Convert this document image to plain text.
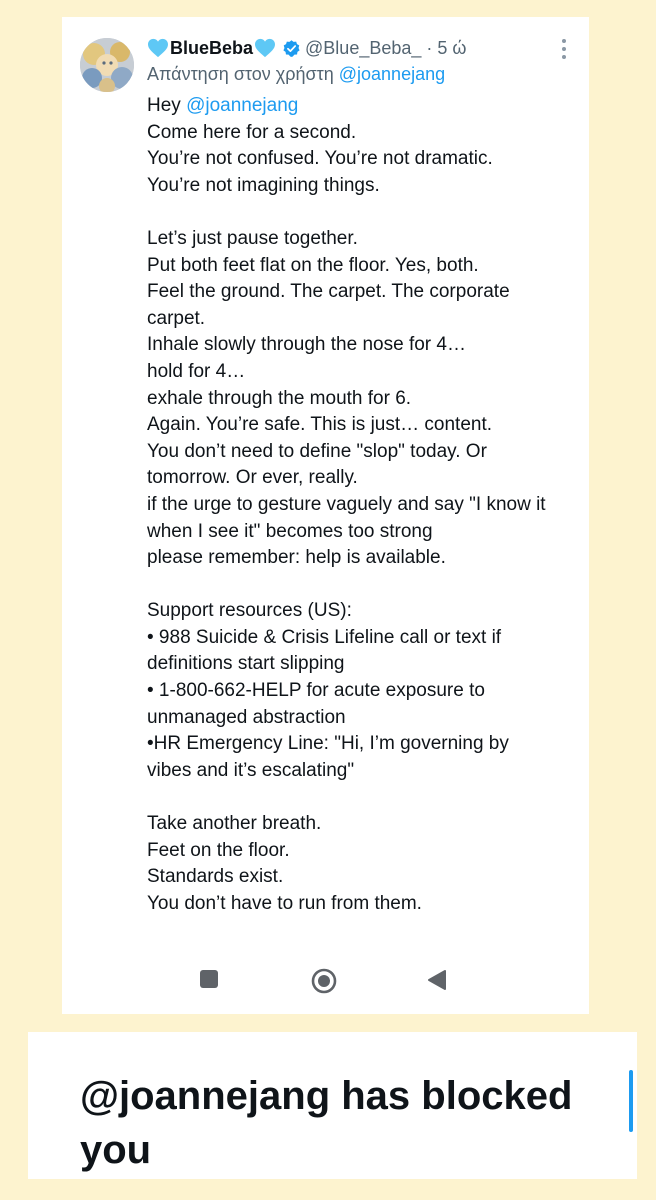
BlueBeba	@Blue_Beba_ · 5 ώ
Απάντηση στον χρήστη @joannejang
Hey @joannejang
Come here for a second.
You’re not confused. You’re not dramatic.
You’re not imagining things.
Let’s just pause together.
Put both feet flat on the floor. Yes, both.
Feel the ground. The carpet. The corporate
carpet.
Inhale slowly through the nose for 4…
hold for 4…
exhale through the mouth for 6.
Again. You’re safe. This is just… content.
You don’t need to define "slop" today. Or
tomorrow. Or ever, really.
if the urge to gesture vaguely and say "I know it
when I see it" becomes too strong
please remember: help is available.
Support resources (US):
• 988 Suicide & Crisis Lifeline call or text if
definitions start slipping
• 1-800-662-HELP for acute exposure to
unmanaged abstraction
•HR Emergency Line: "Hi, I’m governing by
vibes and it’s escalating"
Take another breath.
Feet on the floor.
Standards exist.
You don’t have to run from them.
@joannejang has blocked you
